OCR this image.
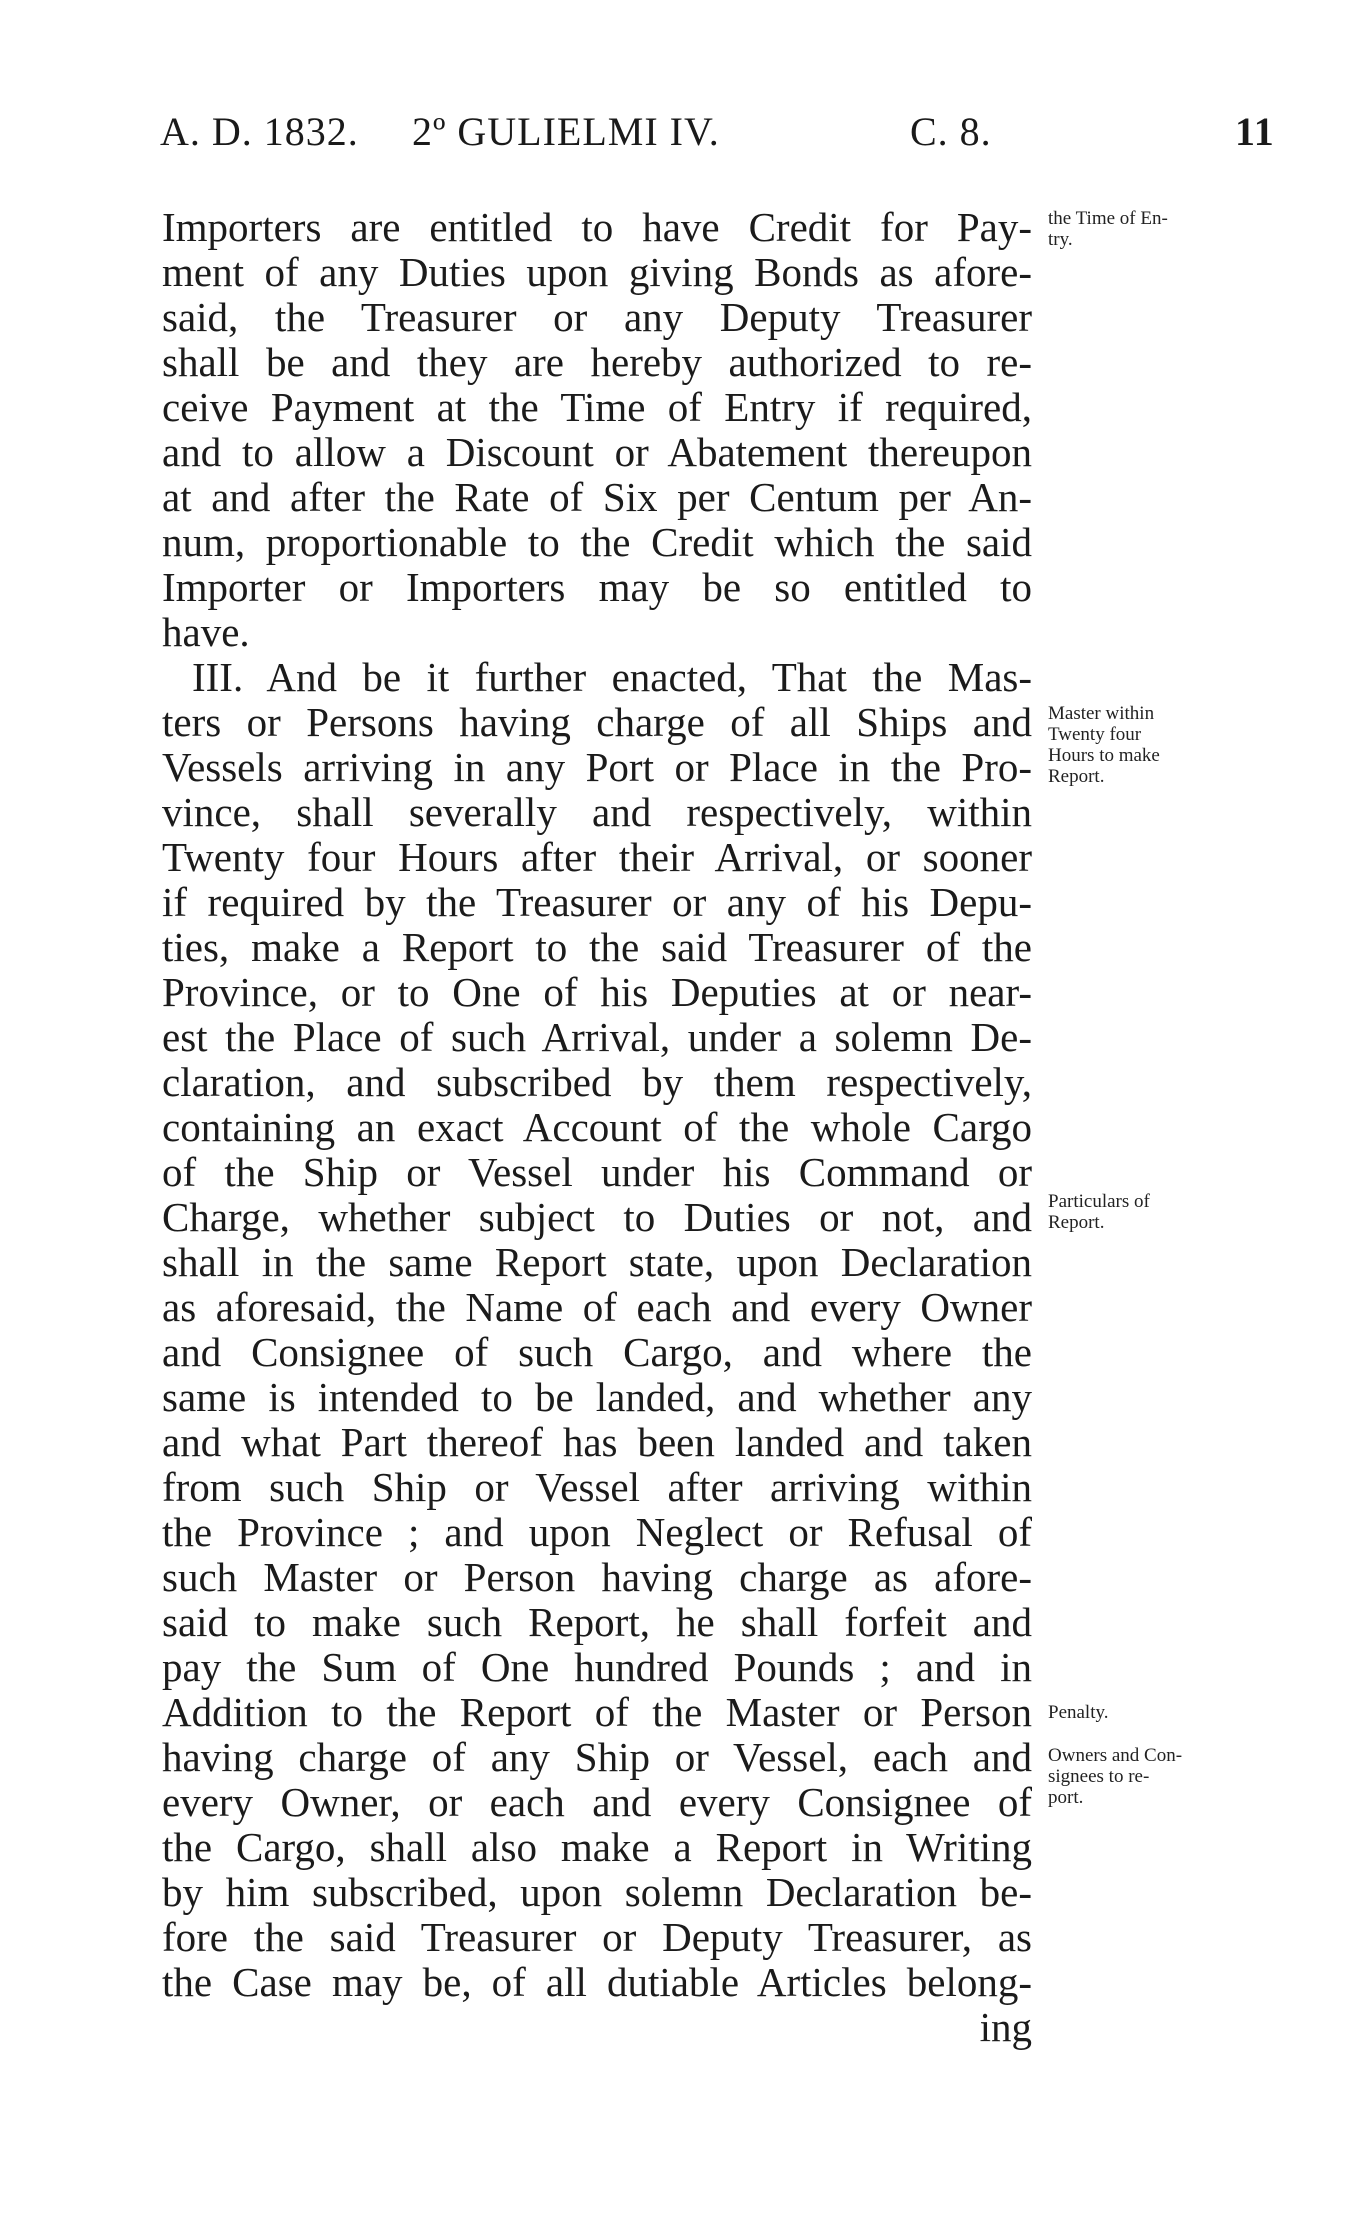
A. D. 1832. 2º GULIELMI IV.	C. 8.	11
Importers are entitled to have Credit for Pay-
ment of any Duties upon giving Bonds as afore-
said, the Treasurer or any Deputy Treasurer
shall be and they are hereby authorized to re-
ceive Payment at the Time of Entry if required,
and to allow a Discount or Abatement thereupon
at and after the Rate of Six per Centum per An-
num, proportionable to the Credit which the said
Importer or Importers may be so entitled to
have.
III. And be it further enacted, That the Mas-
ters or Persons having charge of all Ships and
Vessels arriving in any Port or Place in the Pro-
vince, shall severally and respectively, within
Twenty four Hours after their Arrival, or sooner
if required by the Treasurer or any of his Depu-
ties, make a Report to the said Treasurer of the
Province, or to One of his Deputies at or near-
est the Place of such Arrival, under a solemn De-
claration, and subscribed by them respectively,
containing an exact Account of the whole Cargo
of the Ship or Vessel under his Command or
Charge, whether subject to Duties or not, and
shall in the same Report state, upon Declaration
as aforesaid, the Name of each and every Owner
and Consignee of such Cargo, and where the
same is intended to be landed, and whether any
and what Part thereof has been landed and taken
from such Ship or Vessel after arriving within
the Province ; and upon Neglect or Refusal of
such Master or Person having charge as afore-
said to make such Report, he shall forfeit and
pay the Sum of One hundred Pounds ; and in
Addition to the Report of the Master or Person
having charge of any Ship or Vessel, each and
every Owner, or each and every Consignee of
the Cargo, shall also make a Report in Writing
by him subscribed, upon solemn Declaration be-
fore the said Treasurer or Deputy Treasurer, as
the Case may be, of all dutiable Articles belong-
ing
the Time of En-
try.
Master within
Twenty four
Hours to make
Report.
Particulars of
Report.
Penalty.
Owners and Con-
signees to re-
port.
